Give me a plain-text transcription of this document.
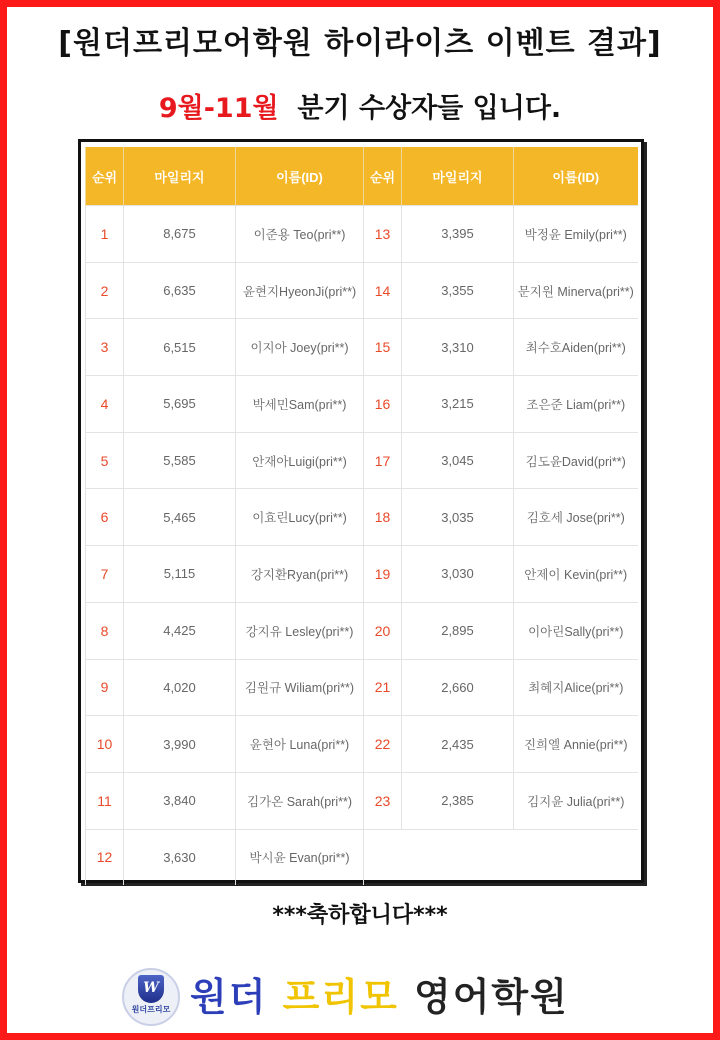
[원더프리모어학원 하이라이츠 이벤트 결과]
9월-11월 분기 수상자들 입니다.
순위	마일리지	이름(ID)	순위	마일리지	이름(ID)
1	8,675	이준용 Teo(pri**)	13	3,395	박정윤 Emily(pri**)
2	6,635	윤현지HyeonJi(pri**)	14	3,355	문지원 Minerva(pri**)
3	6,515	이지아 Joey(pri**)	15	3,310	최수호Aiden(pri**)
4	5,695	박세민Sam(pri**)	16	3,215	조은준 Liam(pri**)
5	5,585	안재아Luigi(pri**)	17	3,045	김도윤David(pri**)
6	5,465	이효린Lucy(pri**)	18	3,035	김호세 Jose(pri**)
7	5,115	강지환Ryan(pri**)	19	3,030	안제이 Kevin(pri**)
8	4,425	강지유 Lesley(pri**)	20	2,895	이아린Sally(pri**)
9	4,020	김원규 Wiliam(pri**)	21	2,660	최혜지Alice(pri**)
10	3,990	윤현아 Luna(pri**)	22	2,435	진희엘 Annie(pri**)
11	3,840	김가온 Sarah(pri**)	23	2,385	김지윤 Julia(pri**)
12	3,630	박시윤 Evan(pri**)			
***축하합니다***
W
원더프리모 원더 프리모 영어학원
